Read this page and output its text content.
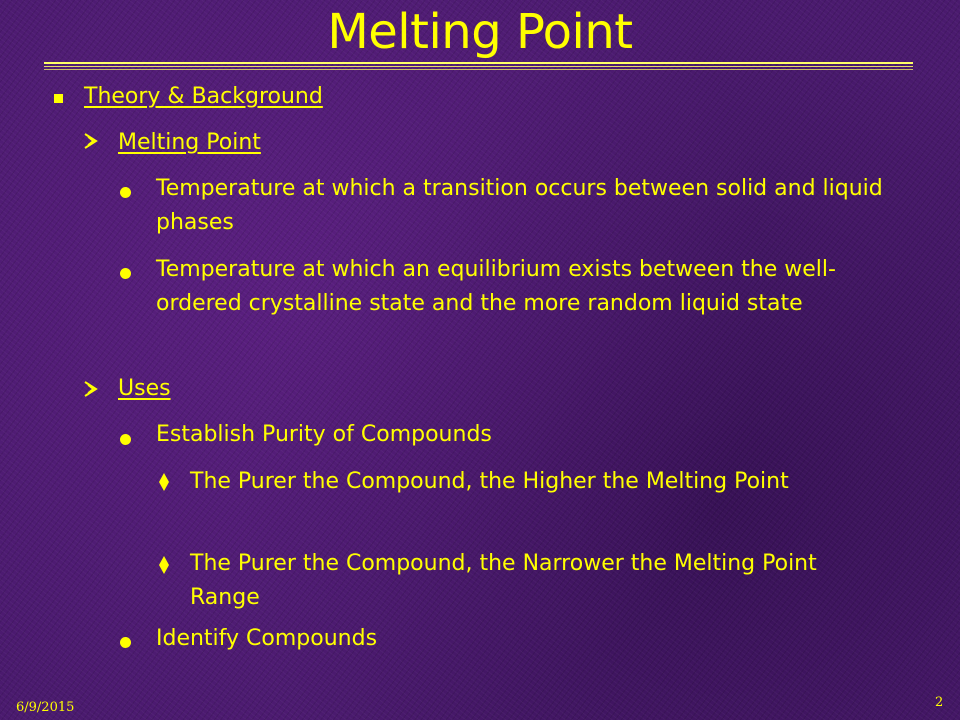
Melting Point
Theory & Background
Melting Point
Temperature at which a transition occurs between solid and liquid phases
Temperature at which an equilibrium exists between the well-ordered crystalline state and the more random liquid state
Uses
Establish Purity of Compounds
The Purer the Compound, the Higher the Melting Point
The Purer the Compound, the Narrower the Melting Point Range
Identify Compounds
6/9/2015	2
